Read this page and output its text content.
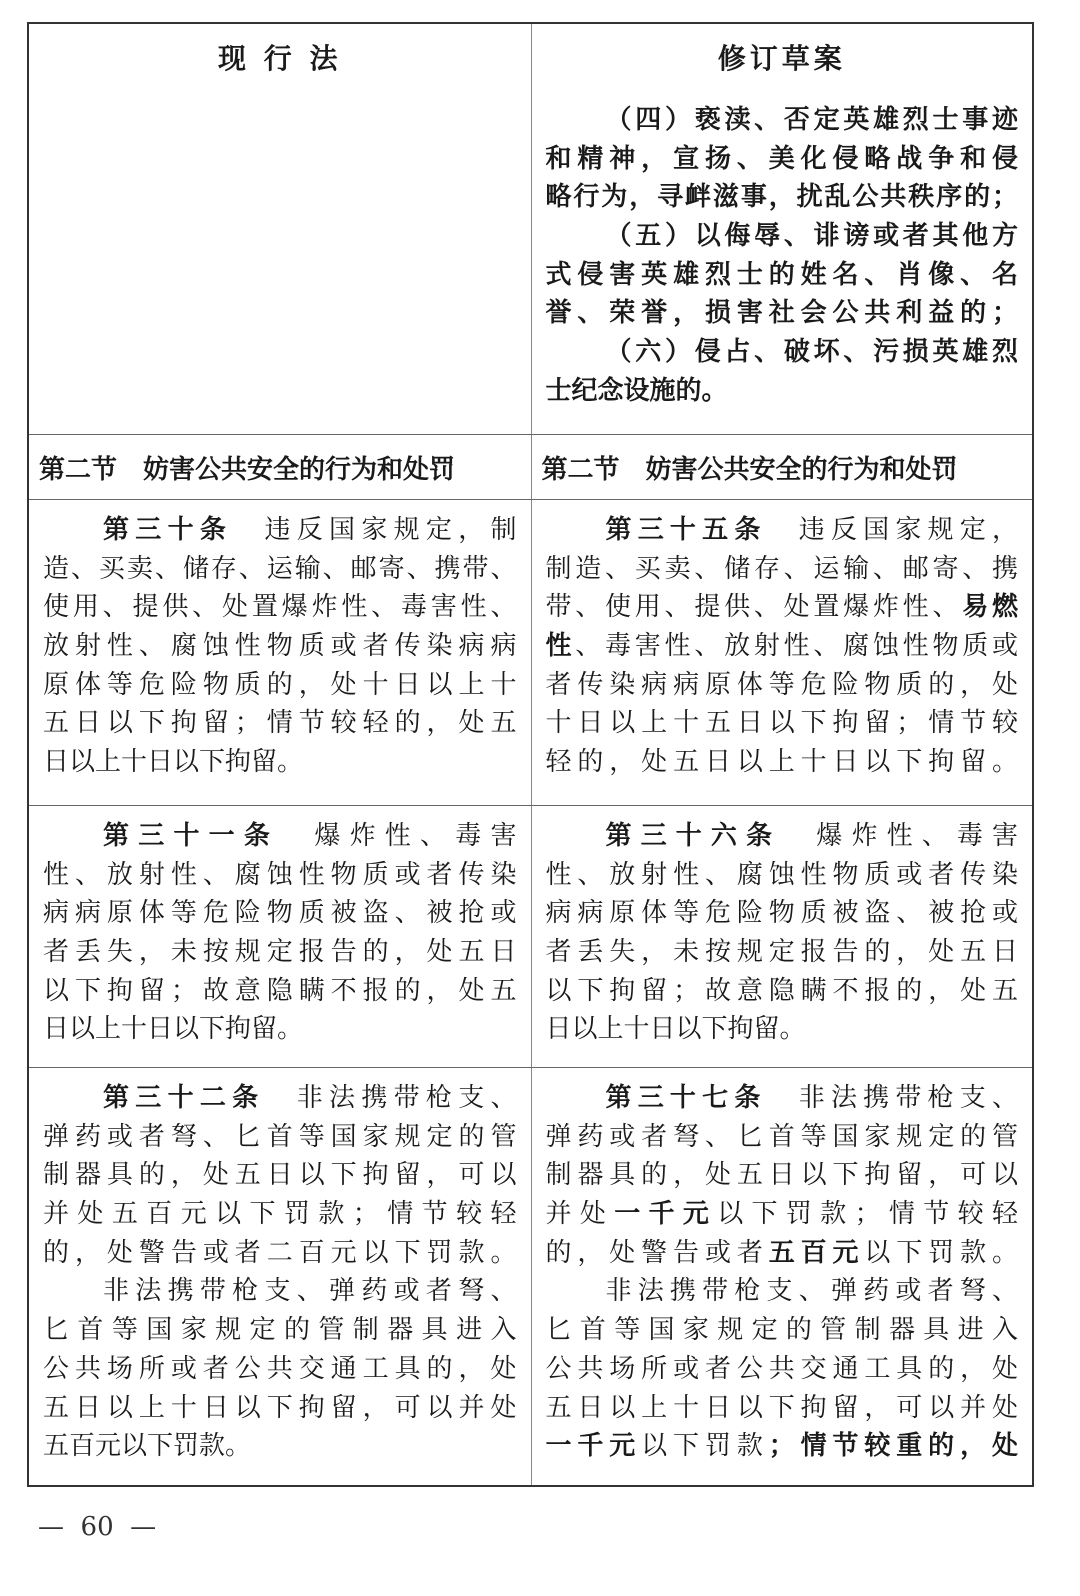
现 行 法	修订草案
（四）亵渎、否定英雄烈士事迹
和精神，宣扬、美化侵略战争和侵
略行为，寻衅滋事，扰乱公共秩序的；
（五）以侮辱、诽谤或者其他方
式侵害英雄烈士的姓名、肖像、名
誉、荣誉，损害社会公共利益的；
（六）侵占、破坏、污损英雄烈
士纪念设施的。
第二节　妨害公共安全的行为和处罚	第二节　妨害公共安全的行为和处罚
第三十条　违反国家规定，制
造、买卖、储存、运输、邮寄、携带、
使用、提供、处置爆炸性、毒害性、
放射性、腐蚀性物质或者传染病病
原体等危险物质的，处十日以上十
五日以下拘留；情节较轻的，处五
日以上十日以下拘留。
第三十五条　违反国家规定，
制造、买卖、储存、运输、邮寄、携
带、使用、提供、处置爆炸性、易燃
性、毒害性、放射性、腐蚀性物质或
者传染病病原体等危险物质的，处
十日以上十五日以下拘留；情节较
轻的，处五日以上十日以下拘留。
第三十一条　爆炸性、毒害
性、放射性、腐蚀性物质或者传染
病病原体等危险物质被盗、被抢或
者丢失，未按规定报告的，处五日
以下拘留；故意隐瞒不报的，处五
日以上十日以下拘留。
第三十六条　爆炸性、毒害
性、放射性、腐蚀性物质或者传染
病病原体等危险物质被盗、被抢或
者丢失，未按规定报告的，处五日
以下拘留；故意隐瞒不报的，处五
日以上十日以下拘留。
第三十二条　非法携带枪支、
弹药或者弩、匕首等国家规定的管
制器具的，处五日以下拘留，可以
并处五百元以下罚款；情节较轻
的，处警告或者二百元以下罚款。
非法携带枪支、弹药或者弩、
匕首等国家规定的管制器具进入
公共场所或者公共交通工具的，处
五日以上十日以下拘留，可以并处
五百元以下罚款。
第三十七条　非法携带枪支、
弹药或者弩、匕首等国家规定的管
制器具的，处五日以下拘留，可以
并处一千元以下罚款；情节较轻
的，处警告或者五百元以下罚款。
非法携带枪支、弹药或者弩、
匕首等国家规定的管制器具进入
公共场所或者公共交通工具的，处
五日以上十日以下拘留，可以并处
一千元以下罚款；情节较重的，处
—  60  —
